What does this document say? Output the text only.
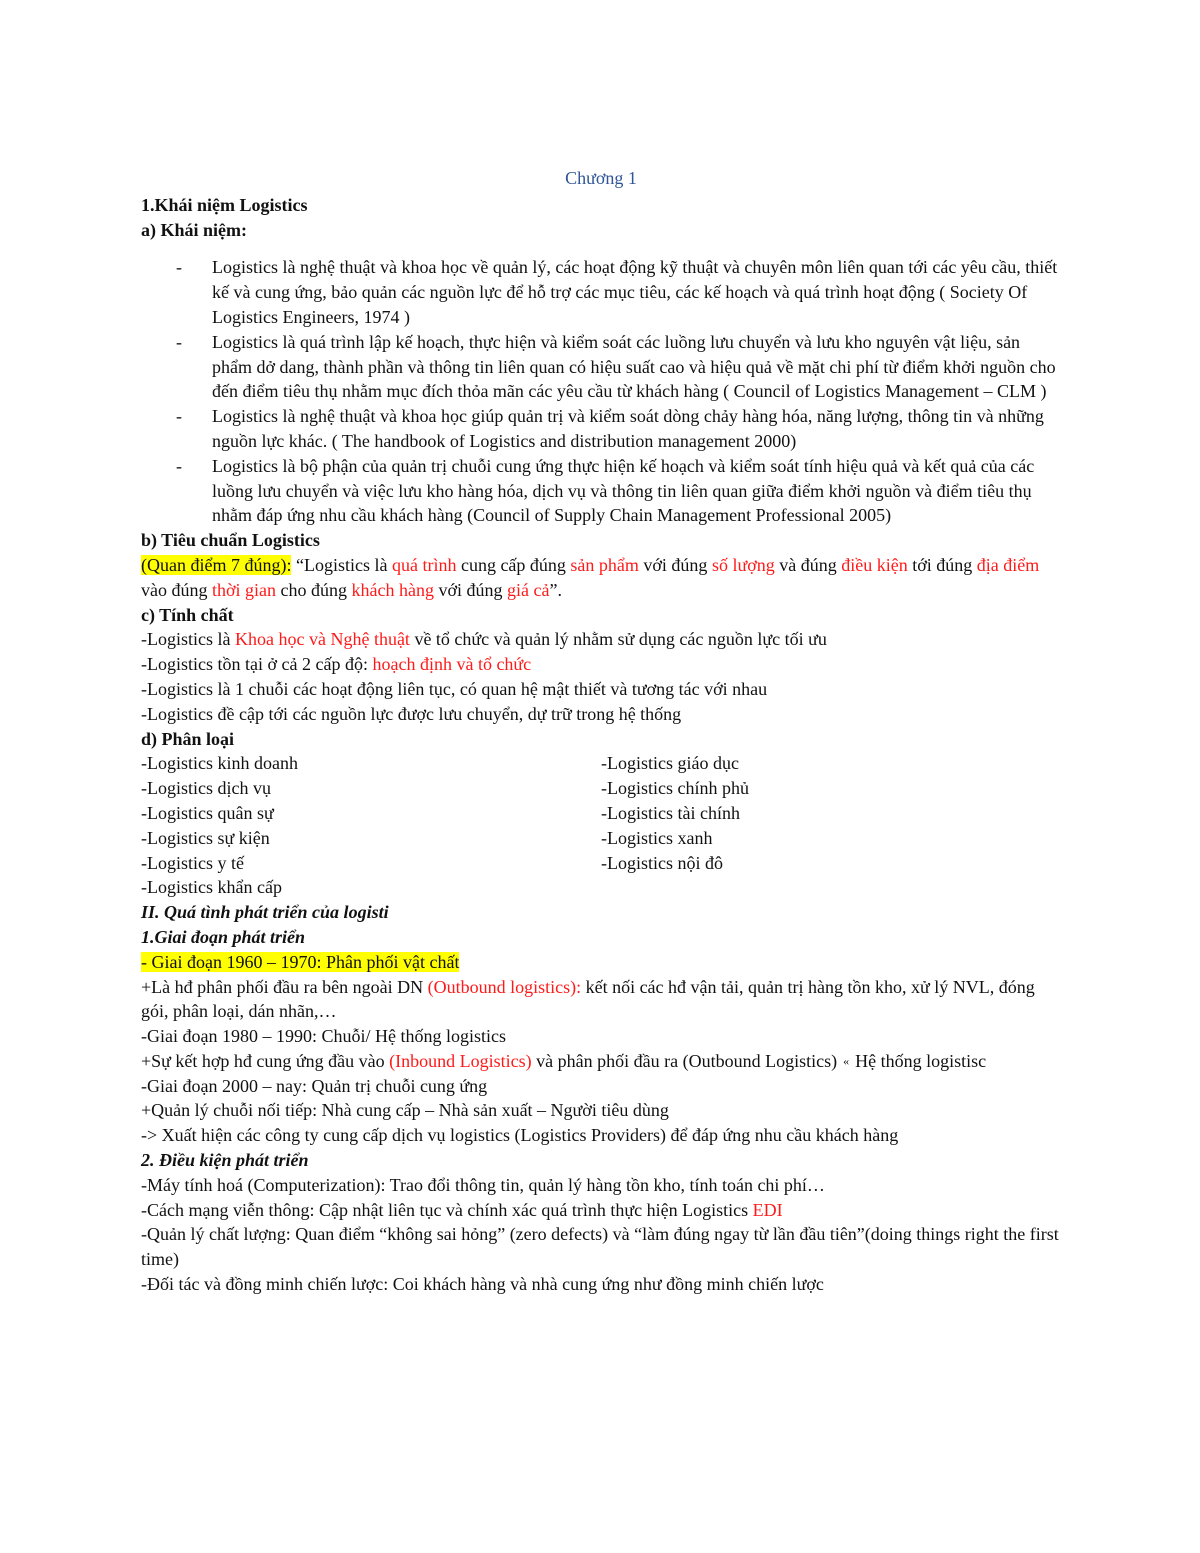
Chương 1
1.Khái niệm Logistics
a) Khái niệm:
- Logistics là nghệ thuật và khoa học về quản lý, các hoạt động kỹ thuật và chuyên môn liên quan tới các yêu cầu, thiết kế và cung ứng, bảo quản các nguồn lực để hỗ trợ các mục tiêu, các kế hoạch và quá trình hoạt động ( Society Of Logistics Engineers, 1974 )
- Logistics là quá trình lập kế hoạch, thực hiện và kiểm soát các luồng lưu chuyển và lưu kho nguyên vật liệu, sản phẩm dở dang, thành phần và thông tin liên quan có hiệu suất cao và hiệu quả về mặt chi phí từ điểm khởi nguồn cho đến điểm tiêu thụ nhằm mục đích thỏa mãn các yêu cầu từ khách hàng ( Council of Logistics Management – CLM )
- Logistics là nghệ thuật và khoa học giúp quản trị và kiểm soát dòng chảy hàng hóa, năng lượng, thông tin và những nguồn lực khác. ( The handbook of Logistics and distribution management 2000)
- Logistics là bộ phận của quản trị chuỗi cung ứng thực hiện kế hoạch và kiểm soát tính hiệu quả và kết quả của các luồng lưu chuyển và việc lưu kho hàng hóa, dịch vụ và thông tin liên quan giữa điểm khởi nguồn và điểm tiêu thụ nhằm đáp ứng nhu cầu khách hàng (Council of Supply Chain Management Professional 2005)
b) Tiêu chuẩn Logistics
(Quan điểm 7 đúng): “Logistics là quá trình cung cấp đúng sản phẩm với đúng số lượng và đúng điều kiện tới đúng địa điểm vào đúng thời gian cho đúng khách hàng với đúng giá cả”.
c) Tính chất
-Logistics là Khoa học và Nghệ thuật về tổ chức và quản lý nhằm sử dụng các nguồn lực tối ưu
-Logistics tồn tại ở cả 2 cấp độ: hoạch định và tổ chức
-Logistics là 1 chuỗi các hoạt động liên tục, có quan hệ mật thiết và tương tác với nhau
-Logistics đề cập tới các nguồn lực được lưu chuyển, dự trữ trong hệ thống
d) Phân loại
-Logistics kinh doanh
-Logistics dịch vụ
-Logistics quân sự
-Logistics sự kiện
-Logistics y tế
-Logistics khẩn cấp
-Logistics giáo dục
-Logistics chính phủ
-Logistics tài chính
-Logistics xanh
-Logistics nội đô
II. Quá tình phát triển của logisti
1.Giai đoạn phát triển
- Giai đoạn 1960 – 1970: Phân phối vật chất
+Là hđ phân phối đầu ra bên ngoài DN (Outbound logistics): kết nối các hđ vận tải, quản trị hàng tồn kho, xử lý NVL, đóng gói, phân loại, dán nhãn,…
-Giai đoạn 1980 – 1990: Chuỗi/ Hệ thống logistics
+Sự kết hợp hđ cung ứng đầu vào (Inbound Logistics) và phân phối đầu ra (Outbound Logistics) « Hệ thống logistisc
-Giai đoạn 2000 – nay: Quản trị chuỗi cung ứng
+Quản lý chuỗi nối tiếp: Nhà cung cấp – Nhà sản xuất – Người tiêu dùng
-> Xuất hiện các công ty cung cấp dịch vụ logistics (Logistics Providers) để đáp ứng nhu cầu khách hàng
2. Điều kiện phát triển
-Máy tính hoá (Computerization): Trao đổi thông tin, quản lý hàng tồn kho, tính toán chi phí…
-Cách mạng viễn thông: Cập nhật liên tục và chính xác quá trình thực hiện Logistics EDI
-Quản lý chất lượng: Quan điểm “không sai hỏng” (zero defects) và “làm đúng ngay từ lần đầu tiên”(doing things right the first time)
-Đối tác và đồng minh chiến lược: Coi khách hàng và nhà cung ứng như đồng minh chiến lược
